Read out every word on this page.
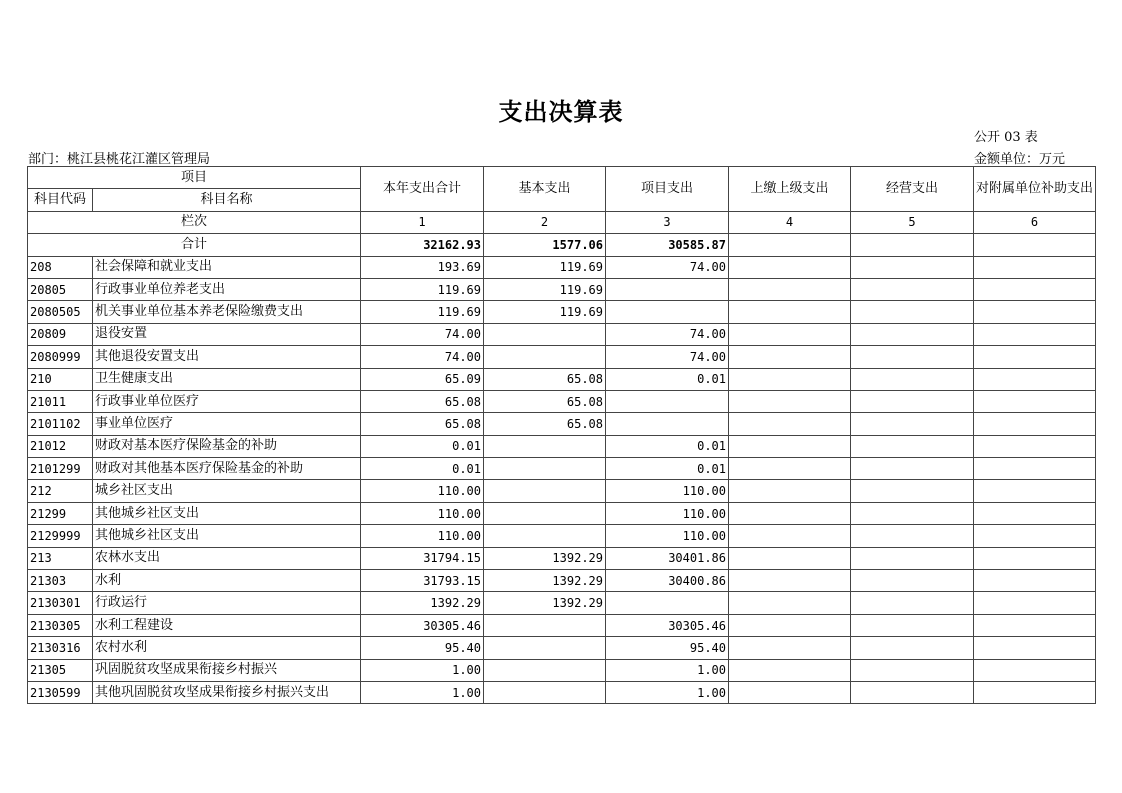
支出决算表
公开 03 表
部门：桃江县桃花江灌区管理局	金额单位：万元
项目		本年支出合计	基本支出	项目支出	上缴上级支出	经营支出	对附属单位补助支出
科目代码	科目名称						
栏次		1	2	3	4	5	6
合计		32162.93	1577.06	30585.87			
208	社会保障和就业支出	193.69	119.69	74.00			
20805	行政事业单位养老支出	119.69	119.69				
2080505	机关事业单位基本养老保险缴费支出	119.69	119.69				
20809	退役安置	74.00		74.00			
2080999	其他退役安置支出	74.00		74.00			
210	卫生健康支出	65.09	65.08	0.01			
21011	行政事业单位医疗	65.08	65.08				
2101102	事业单位医疗	65.08	65.08				
21012	财政对基本医疗保险基金的补助	0.01		0.01			
2101299	财政对其他基本医疗保险基金的补助	0.01		0.01			
212	城乡社区支出	110.00		110.00			
21299	其他城乡社区支出	110.00		110.00			
2129999	其他城乡社区支出	110.00		110.00			
213	农林水支出	31794.15	1392.29	30401.86			
21303	水利	31793.15	1392.29	30400.86			
2130301	行政运行	1392.29	1392.29				
2130305	水利工程建设	30305.46		30305.46			
2130316	农村水利	95.40		95.40			
21305	巩固脱贫攻坚成果衔接乡村振兴	1.00		1.00			
2130599	其他巩固脱贫攻坚成果衔接乡村振兴支出	1.00		1.00			
